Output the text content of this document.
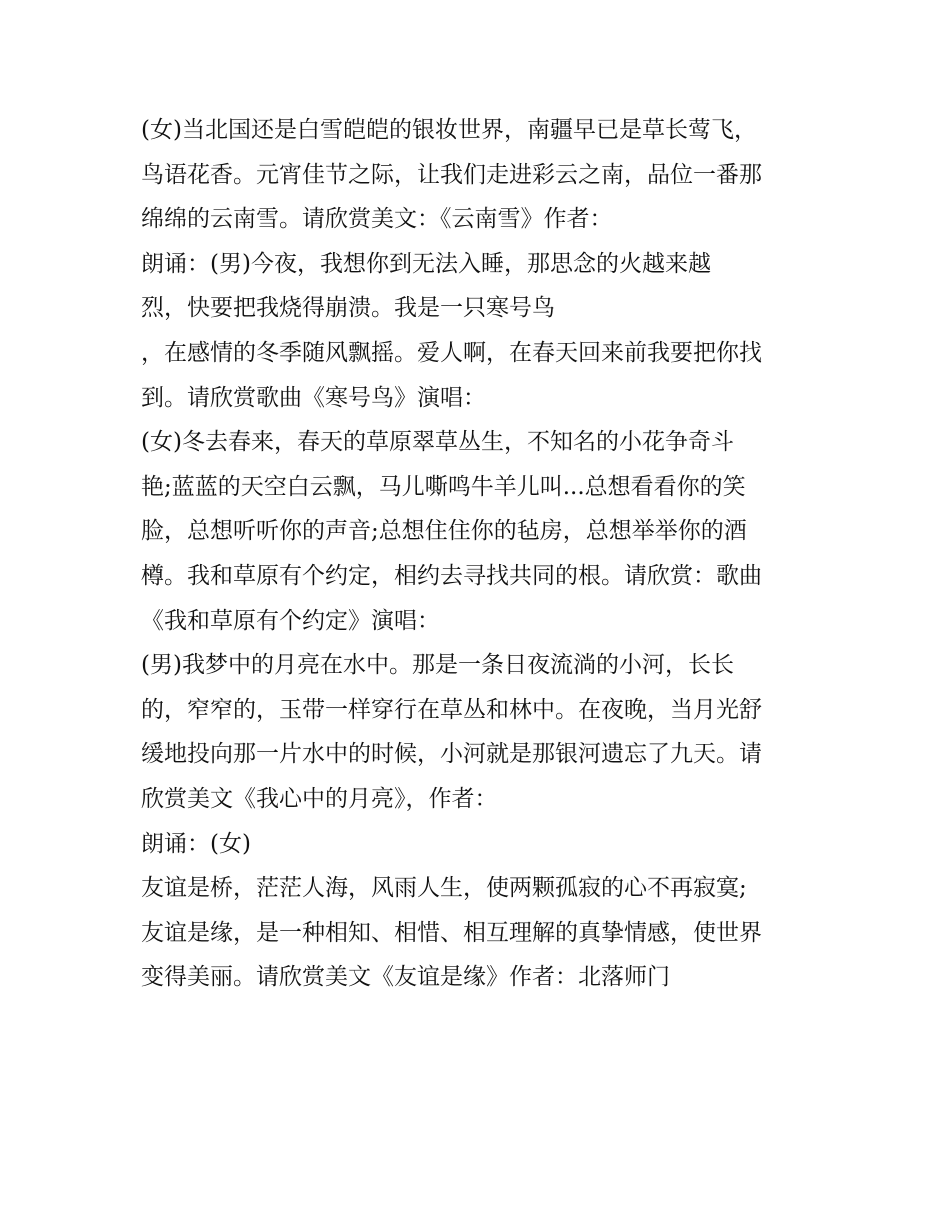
(女)当北国还是白雪皑皑的银妆世界，南疆早已是草长莺飞，
鸟语花香。元宵佳节之际，让我们走进彩云之南，品位一番那
绵绵的云南雪。请欣赏美文：《云南雪》作者：
朗诵：(男)今夜，我想你到无法入睡，那思念的火越来越
烈，快要把我烧得崩溃。我是一只寒号鸟
，在感情的冬季随风飘摇。爱人啊，在春天回来前我要把你找
到。请欣赏歌曲《寒号鸟》演唱：
(女)冬去春来，春天的草原翠草丛生，不知名的小花争奇斗
艳;蓝蓝的天空白云飘，马儿嘶鸣牛羊儿叫...总想看看你的笑
脸，总想听听你的声音;总想住住你的毡房，总想举举你的酒
樽。我和草原有个约定，相约去寻找共同的根。请欣赏：歌曲
《我和草原有个约定》演唱：
(男)我梦中的月亮在水中。那是一条日夜流淌的小河，长长
的，窄窄的，玉带一样穿行在草丛和林中。在夜晚，当月光舒
缓地投向那一片水中的时候，小河就是那银河遗忘了九天。请
欣赏美文《我心中的月亮》，作者：
朗诵：(女)
友谊是桥，茫茫人海，风雨人生，使两颗孤寂的心不再寂寞;
友谊是缘，是一种相知、相惜、相互理解的真挚情感，使世界
变得美丽。请欣赏美文《友谊是缘》作者：北落师门
